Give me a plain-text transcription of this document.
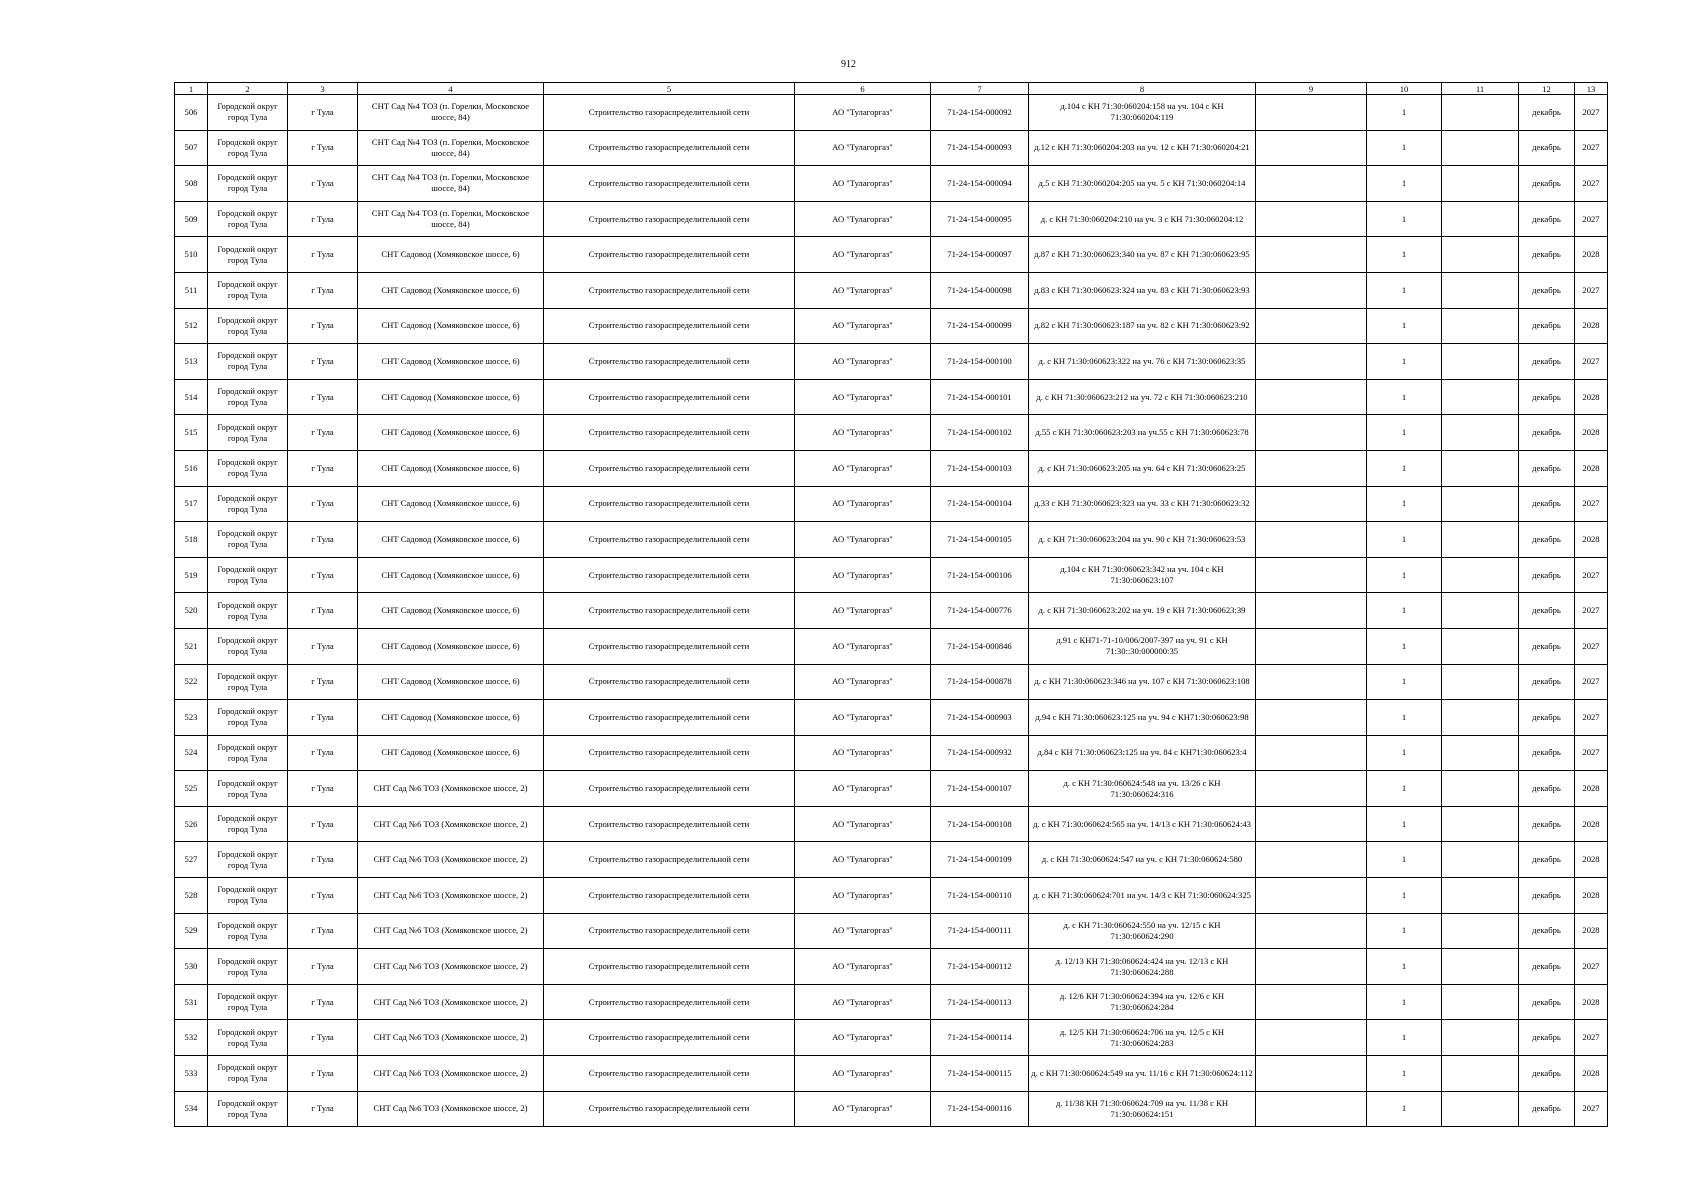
912
1	2	3	4	5	6	7	8	9	10	11	12	13
506	Городской округ город Тула	г Тула	СНТ Сад №4 ТОЗ (п. Горелки, Московское шоссе, 84)	Строительство газораспределительной сети	АО "Тулагоргаз"	71-24-154-000092	д.104 с КН 71:30:060204:158 на уч. 104 с КН 71:30:060204:119		1		декабрь	2027
507	Городской округ город Тула	г Тула	СНТ Сад №4 ТОЗ (п. Горелки, Московское шоссе, 84)	Строительство газораспределительной сети	АО "Тулагоргаз"	71-24-154-000093	д.12 с КН 71:30:060204:203 на уч. 12 с КН 71:30:060204:21		1		декабрь	2027
508	Городской округ город Тула	г Тула	СНТ Сад №4 ТОЗ (п. Горелки, Московское шоссе, 84)	Строительство газораспределительной сети	АО "Тулагоргаз"	71-24-154-000094	д.5 с КН 71:30:060204:205 на уч. 5 с КН 71:30:060204:14		1		декабрь	2027
509	Городской округ город Тула	г Тула	СНТ Сад №4 ТОЗ (п. Горелки, Московское шоссе, 84)	Строительство газораспределительной сети	АО "Тулагоргаз"	71-24-154-000095	д. с КН 71:30:060204:210 на уч. 3 с КН 71:30:060204:12		1		декабрь	2027
510	Городской округ город Тула	г Тула	СНТ Садовод (Хомяковское шоссе, 6)	Строительство газораспределительной сети	АО "Тулагоргаз"	71-24-154-000097	д.87 с КН 71:30:060623:340 на уч. 87 с КН 71:30:060623:95		1		декабрь	2028
511	Городской округ город Тула	г Тула	СНТ Садовод (Хомяковское шоссе, 6)	Строительство газораспределительной сети	АО "Тулагоргаз"	71-24-154-000098	д.83 с КН 71:30:060623:324 на уч. 83 с КН 71:30:060623:93		1		декабрь	2027
512	Городской округ город Тула	г Тула	СНТ Садовод (Хомяковское шоссе, 6)	Строительство газораспределительной сети	АО "Тулагоргаз"	71-24-154-000099	д.82 с КН 71:30:060623:187 на уч. 82 с КН 71:30:060623:92		1		декабрь	2028
513	Городской округ город Тула	г Тула	СНТ Садовод (Хомяковское шоссе, 6)	Строительство газораспределительной сети	АО "Тулагоргаз"	71-24-154-000100	д. с КН 71:30:060623:322 на уч. 76 с КН 71:30:060623:35		1		декабрь	2027
514	Городской округ город Тула	г Тула	СНТ Садовод (Хомяковское шоссе, 6)	Строительство газораспределительной сети	АО "Тулагоргаз"	71-24-154-000101	д. с КН 71:30:060623:212 на уч. 72 с КН 71:30:060623:210		1		декабрь	2028
515	Городской округ город Тула	г Тула	СНТ Садовод (Хомяковское шоссе, 6)	Строительство газораспределительной сети	АО "Тулагоргаз"	71-24-154-000102	д.55 с КН 71:30:060623:203 на уч.55 с КН 71:30:060623:78		1		декабрь	2028
516	Городской округ город Тула	г Тула	СНТ Садовод (Хомяковское шоссе, 6)	Строительство газораспределительной сети	АО "Тулагоргаз"	71-24-154-000103	д. с КН 71:30:060623:205 на уч. 64 с КН 71:30:060623:25		1		декабрь	2028
517	Городской округ город Тула	г Тула	СНТ Садовод (Хомяковское шоссе, 6)	Строительство газораспределительной сети	АО "Тулагоргаз"	71-24-154-000104	д.33 с КН 71:30:060623:323 на уч. 33 с КН 71:30:060623:32		1		декабрь	2027
518	Городской округ город Тула	г Тула	СНТ Садовод (Хомяковское шоссе, 6)	Строительство газораспределительной сети	АО "Тулагоргаз"	71-24-154-000105	д. с КН 71:30:060623:204 на уч. 90 с КН 71:30:060623:53		1		декабрь	2028
519	Городской округ город Тула	г Тула	СНТ Садовод (Хомяковское шоссе, 6)	Строительство газораспределительной сети	АО "Тулагоргаз"	71-24-154-000106	д.104 с КН 71:30:060623:342 на уч. 104 с КН 71:30:060623:107		1		декабрь	2027
520	Городской округ город Тула	г Тула	СНТ Садовод (Хомяковское шоссе, 6)	Строительство газораспределительной сети	АО "Тулагоргаз"	71-24-154-000776	д. с КН 71:30:060623:202 на уч. 19 с КН 71:30:060623:39		1		декабрь	2027
521	Городской округ город Тула	г Тула	СНТ Садовод (Хомяковское шоссе, 6)	Строительство газораспределительной сети	АО "Тулагоргаз"	71-24-154-000846	д.91 с КН71-71-10/006/2007-397 на уч. 91 с КН 71:30::30:000000:35		1		декабрь	2027
522	Городской округ город Тула	г Тула	СНТ Садовод (Хомяковское шоссе, 6)	Строительство газораспределительной сети	АО "Тулагоргаз"	71-24-154-000878	д. с КН 71:30:060623:346 на уч. 107 с КН 71:30:060623:108		1		декабрь	2027
523	Городской округ город Тула	г Тула	СНТ Садовод (Хомяковское шоссе, 6)	Строительство газораспределительной сети	АО "Тулагоргаз"	71-24-154-000903	д.94 с КН 71:30:060623:125 на уч. 94 с КН71:30:060623:98		1		декабрь	2027
524	Городской округ город Тула	г Тула	СНТ Садовод (Хомяковское шоссе, 6)	Строительство газораспределительной сети	АО "Тулагоргаз"	71-24-154-000932	д.84 с КН 71:30:060623:125 на уч. 84 с КН71:30:060623:4		1		декабрь	2027
525	Городской округ город Тула	г Тула	СНТ Сад №6 ТОЗ (Хомяковское шоссе, 2)	Строительство газораспределительной сети	АО "Тулагоргаз"	71-24-154-000107	д. с КН 71:30:060624:548 на уч. 13/26 с КН 71:30:060624:316		1		декабрь	2028
526	Городской округ город Тула	г Тула	СНТ Сад №6 ТОЗ (Хомяковское шоссе, 2)	Строительство газораспределительной сети	АО "Тулагоргаз"	71-24-154-000108	д. с КН 71:30:060624:565 на уч. 14/13 с КН 71:30:060624:43		1		декабрь	2028
527	Городской округ город Тула	г Тула	СНТ Сад №6 ТОЗ (Хомяковское шоссе, 2)	Строительство газораспределительной сети	АО "Тулагоргаз"	71-24-154-000109	д. с КН 71:30:060624:547 на уч. с КН 71:30:060624:580		1		декабрь	2028
528	Городской округ город Тула	г Тула	СНТ Сад №6 ТОЗ (Хомяковское шоссе, 2)	Строительство газораспределительной сети	АО "Тулагоргаз"	71-24-154-000110	д. с КН 71:30:060624:701 на уч. 14/3 с КН 71:30:060624:325		1		декабрь	2028
529	Городской округ город Тула	г Тула	СНТ Сад №6 ТОЗ (Хомяковское шоссе, 2)	Строительство газораспределительной сети	АО "Тулагоргаз"	71-24-154-000111	д. с КН 71:30:060624:550 на уч. 12/15 с КН 71:30:060624:290		1		декабрь	2028
530	Городской округ город Тула	г Тула	СНТ Сад №6 ТОЗ (Хомяковское шоссе, 2)	Строительство газораспределительной сети	АО "Тулагоргаз"	71-24-154-000112	д. 12/13 КН 71:30:060624:424 на уч. 12/13 с КН 71:30:060624:288		1		декабрь	2027
531	Городской округ город Тула	г Тула	СНТ Сад №6 ТОЗ (Хомяковское шоссе, 2)	Строительство газораспределительной сети	АО "Тулагоргаз"	71-24-154-000113	д. 12/6 КН 71:30:060624:394 на уч. 12/6 с КН 71:30:060624:284		1		декабрь	2028
532	Городской округ город Тула	г Тула	СНТ Сад №6 ТОЗ (Хомяковское шоссе, 2)	Строительство газораспределительной сети	АО "Тулагоргаз"	71-24-154-000114	д. 12/5 КН 71:30:060624:706 на уч. 12/5 с КН 71:30:060624:283		1		декабрь	2027
533	Городской округ город Тула	г Тула	СНТ Сад №6 ТОЗ (Хомяковское шоссе, 2)	Строительство газораспределительной сети	АО "Тулагоргаз"	71-24-154-000115	д. с КН 71:30:060624:549 на уч. 11/16 с КН 71:30:060624:112		1		декабрь	2028
534	Городской округ город Тула	г Тула	СНТ Сад №6 ТОЗ (Хомяковское шоссе, 2)	Строительство газораспределительной сети	АО "Тулагоргаз"	71-24-154-000116	д. 11/38 КН 71:30:060624:709 на уч. 11/38 с КН 71:30:060624:151		1		декабрь	2027
